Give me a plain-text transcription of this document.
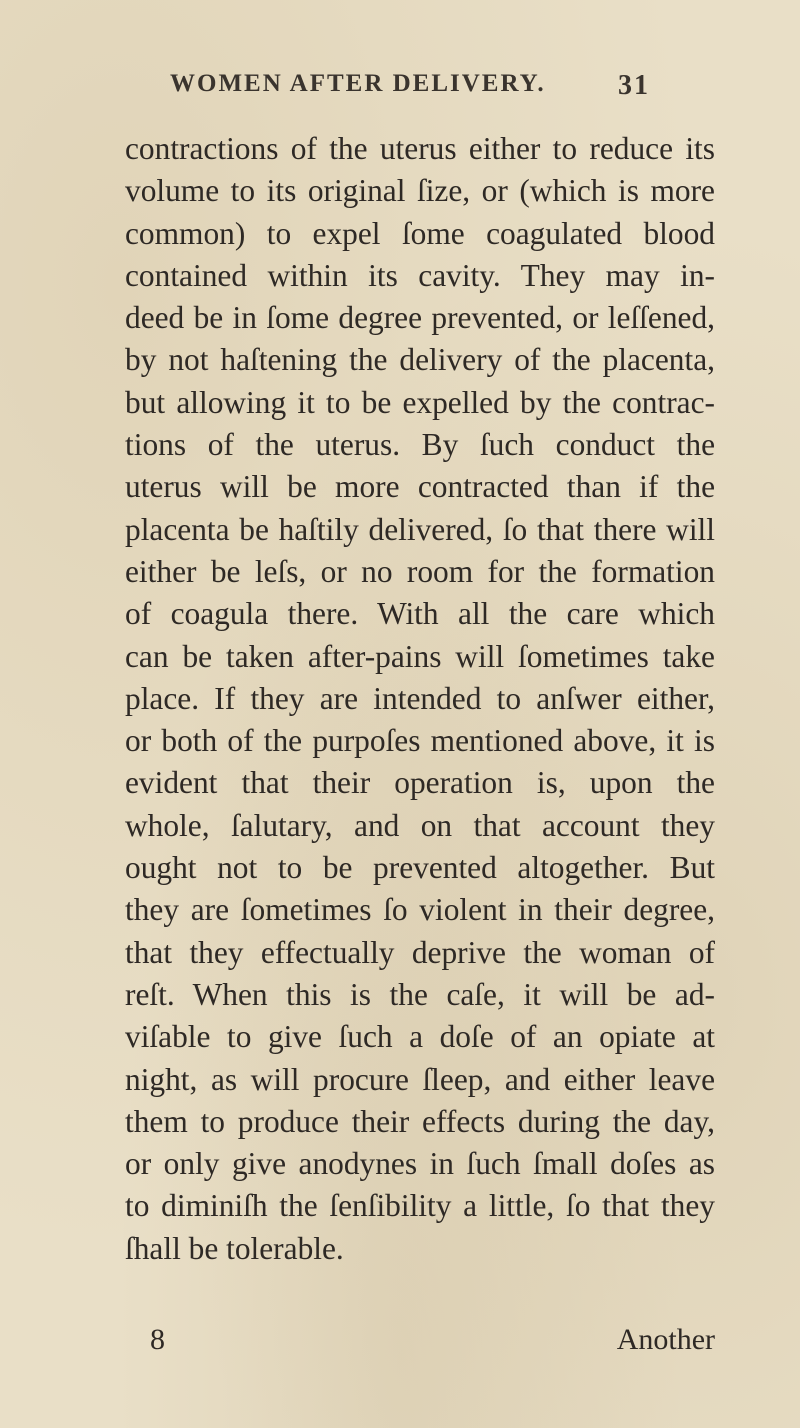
WOMEN AFTER DELIVERY.	31
contractions of the uterus either to reduce its
volume to its original ſize, or (which is more
common) to expel ſome coagulated blood
contained within its cavity. They may in-
deed be in ſome degree prevented, or leſſened,
by not haſtening the delivery of the placenta,
but allowing it to be expelled by the contrac-
tions of the uterus. By ſuch conduct the
uterus will be more contracted than if the
placenta be haſtily delivered, ſo that there will
either be leſs, or no room for the formation
of coagula there. With all the care which
can be taken after-pains will ſometimes take
place. If they are intended to anſwer either,
or both of the purpoſes mentioned above, it is
evident that their operation is, upon the
whole, ſalutary, and on that account they
ought not to be prevented altogether. But
they are ſometimes ſo violent in their degree,
that they effectually deprive the woman of
reſt. When this is the caſe, it will be ad-
viſable to give ſuch a doſe of an opiate at
night, as will procure ſleep, and either leave
them to produce their effects during the day,
or only give anodynes in ſuch ſmall doſes as
to diminiſh the ſenſibility a little, ſo that they
ſhall be tolerable.
8	Another
